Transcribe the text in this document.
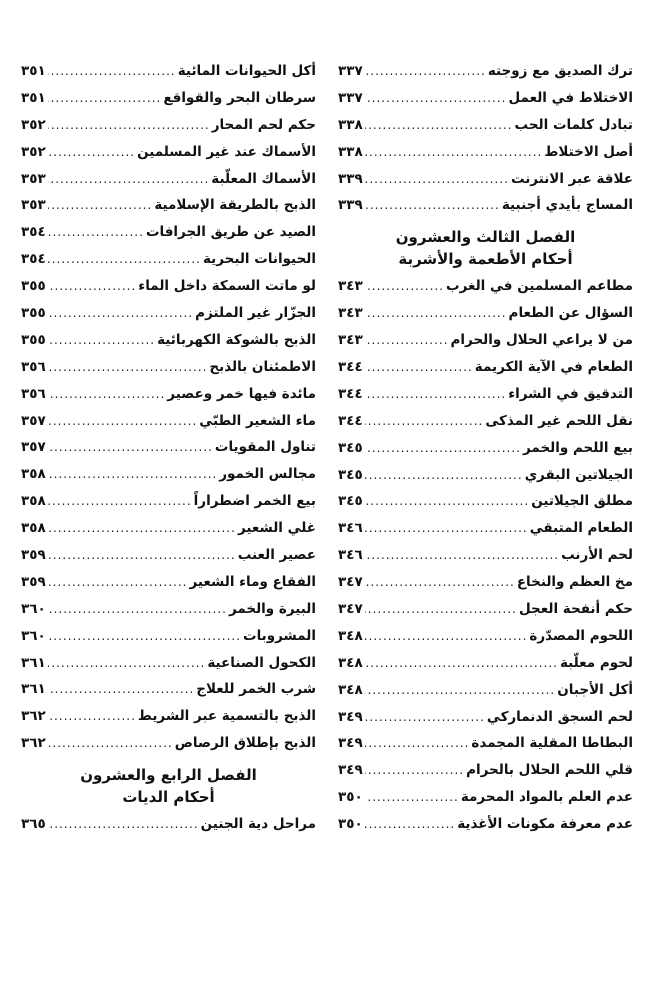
ترك الصديق مع زوجته
.....
٣٣٧
الاختلاط في العمل
.....
٣٣٧
تبادل كلمات الحب
.....
٣٣٨
أصل الاختلاط
.....
٣٣٨
علاقة عبر الانترنت
.....
٣٣٩
المساج بأيدي أجنبية
.....
٣٣٩
الفصل الثالث والعشرون
أحكام الأطعمة والأشربة
مطاعم المسلمين في الغرب
.....
٣٤٣
السؤال عن الطعام
.....
٣٤٣
من لا يراعي الحلال والحرام
.....
٣٤٣
الطعام في الآية الكريمة
.....
٣٤٤
التدقيق في الشراء
.....
٣٤٤
نقل اللحم غير المذكى
.....
٣٤٤
بيع اللحم والخمر
.....
٣٤٥
الجيلاتين البقري
.....
٣٤٥
مطلق الجيلاتين
.....
٣٤٥
الطعام المتبقي
.....
٣٤٦
لحم الأرنب
.....
٣٤٦
مخ العظم والنخاع
.....
٣٤٧
حكم أنفحة العجل
.....
٣٤٧
اللحوم المصدّرة
.....
٣٤٨
لحوم معلّبة
.....
٣٤٨
أكل الأجبان
.....
٣٤٨
لحم السجق الدنماركي
.....
٣٤٩
البطاطا المقلية المجمدة
.....
٣٤٩
قلي اللحم الحلال بالحرام
.....
٣٤٩
عدم العلم بالمواد المحرمة
.....
٣٥٠
عدم معرفة مكونات الأغذية
.....
٣٥٠
أكل الحيوانات المائية
.....
٣٥١
سرطان البحر والقواقع
.....
٣٥١
حكم لحم المحار
.....
٣٥٢
الأسماك عند غير المسلمين
.....
٣٥٢
الأسماك المعلّبة
.....
٣٥٣
الذبح بالطريقة الإسلامية
.....
٣٥٣
الصيد عن طريق الجرافات
.....
٣٥٤
الحيوانات البحرية
.....
٣٥٤
لو ماتت السمكة داخل الماء
.....
٣٥٥
الجزّار غير الملتزم
.....
٣٥٥
الذبح بالشوكة الكهربائية
.....
٣٥٥
الاطمئنان بالذبح
.....
٣٥٦
مائدة فيها خمر وعصير
.....
٣٥٦
ماء الشعير الطبّي
.....
٣٥٧
تناول المقويات
.....
٣٥٧
مجالس الخمور
.....
٣٥٨
بيع الخمر اضطراراً
.....
٣٥٨
غلي الشعير
.....
٣٥٨
عصير العنب
.....
٣٥٩
الفقاع وماء الشعير
.....
٣٥٩
البيرة والخمر
.....
٣٦٠
المشروبات
.....
٣٦٠
الكحول الصناعية
.....
٣٦١
شرب الخمر للعلاج
.....
٣٦١
الذبح بالتسمية عبر الشريط
.....
٣٦٢
الذبح بإطلاق الرصاص
.....
٣٦٢
الفصل الرابع والعشرون
أحكام الديات
مراحل دية الجنين
.....
٣٦٥
